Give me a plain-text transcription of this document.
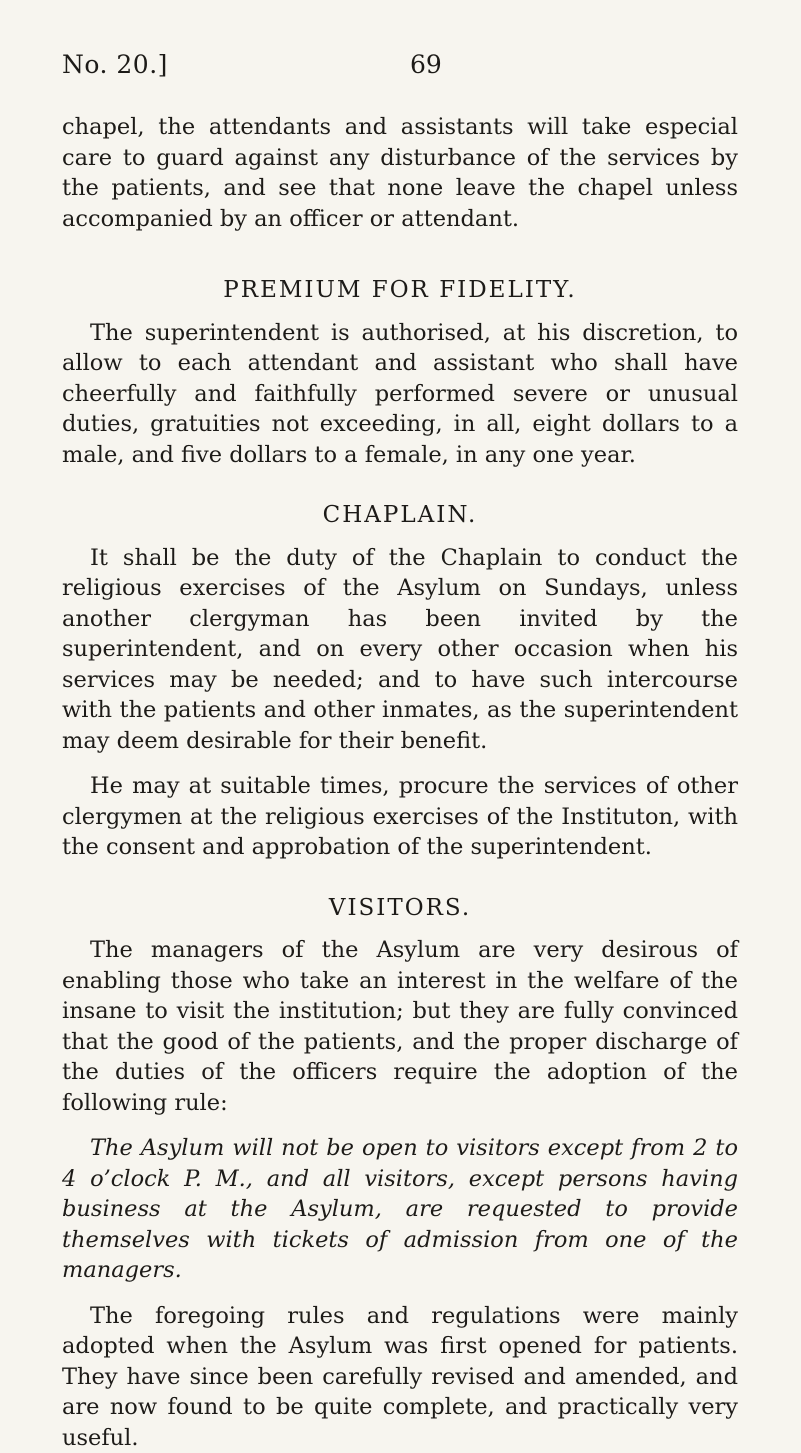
No. 20.]	69

chapel, the attendants and assistants will take especial care to guard against any disturbance of the services by the patients, and see that none leave the chapel unless accompanied by an officer or attendant.

PREMIUM FOR FIDELITY.

The superintendent is authorised, at his discretion, to allow to each attendant and assistant who shall have cheerfully and faithfully performed severe or unusual duties, gratuities not exceeding, in all, eight dollars to a male, and five dollars to a female, in any one year.

CHAPLAIN.

It shall be the duty of the Chaplain to conduct the religious exercises of the Asylum on Sundays, unless another clergyman has been invited by the superintendent, and on every other occasion when his services may be needed; and to have such intercourse with the patients and other inmates, as the superintendent may deem desirable for their benefit.

He may at suitable times, procure the services of other clergymen at the religious exercises of the Instituton, with the consent and approbation of the superintendent.

VISITORS.

The managers of the Asylum are very desirous of enabling those who take an interest in the welfare of the insane to visit the institution; but they are fully convinced that the good of the patients, and the proper discharge of the duties of the officers require the adoption of the following rule:

The Asylum will not be open to visitors except from 2 to 4 o’clock P. M., and all visitors, except persons having business at the Asylum, are requested to provide themselves with tickets of admission from one of the managers.

The foregoing rules and regulations were mainly adopted when the Asylum was first opened for patients. They have since been carefully revised and amended, and are now found to be quite complete, and practically very useful.
